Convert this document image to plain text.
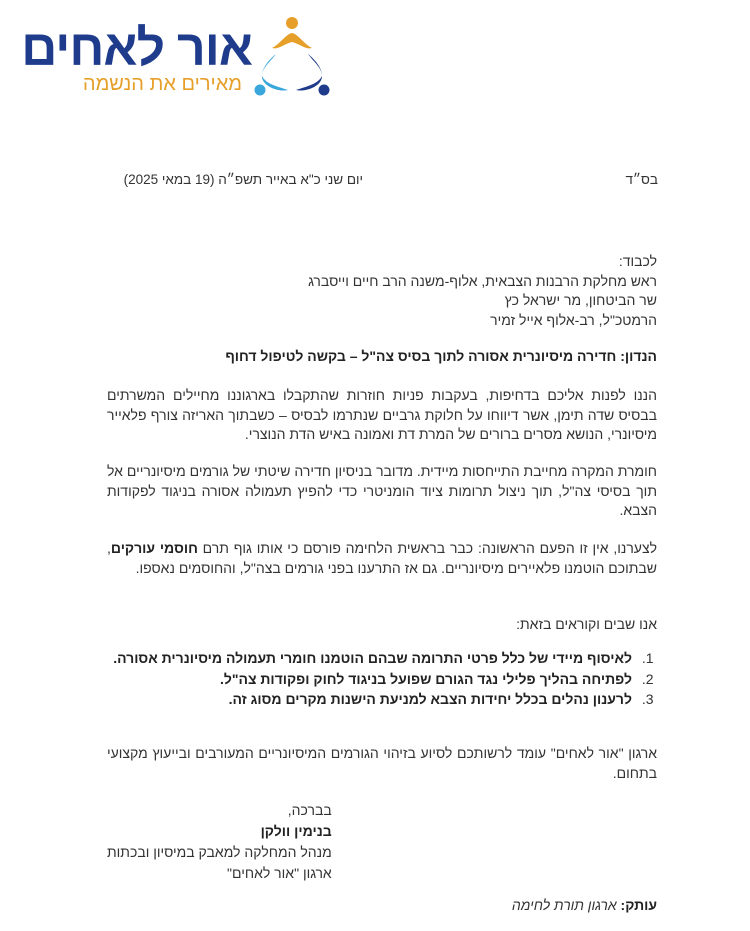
אור לאחים
מאירים את הנשמה
בס״ד
יום שני כ"א באייר תשפ״ה (19 במאי 2025)
לכבוד:
ראש מחלקת הרבנות הצבאית, אלוף-משנה הרב חיים וייסברג
שר הביטחון, מר ישראל כץ
הרמטכ"ל, רב-אלוף אייל זמיר
הנדון: חדירה מיסיונרית אסורה לתוך בסיס צה"ל – בקשה לטיפול דחוף
הננו לפנות אליכם בדחיפות, בעקבות פניות חוזרות שהתקבלו בארגוננו מחיילים המשרתים בבסיס שדה תימן, אשר דיווחו על חלוקת גרביים שנתרמו לבסיס – כשבתוך האריזה צורף פלאייר מיסיונרי, הנושא מסרים ברורים של המרת דת ואמונה באיש הדת הנוצרי.
חומרת המקרה מחייבת התייחסות מיידית. מדובר בניסיון חדירה שיטתי של גורמים מיסיונריים אל תוך בסיסי צה"ל, תוך ניצול תרומות ציוד הומניטרי כדי להפיץ תעמולה אסורה בניגוד לפקודות הצבא.
לצערנו, אין זו הפעם הראשונה: כבר בראשית הלחימה פורסם כי אותו גוף תרם חוסמי עורקים, שבתוכם הוטמנו פלאיירים מיסיונריים. גם אז התרענו בפני גורמים בצה"ל, והחוסמים נאספו.
אנו שבים וקוראים בזאת:
1. לאיסוף מיידי של כלל פרטי התרומה שבהם הוטמנו חומרי תעמולה מיסיונרית אסורה.
2. לפתיחה בהליך פלילי נגד הגורם שפועל בניגוד לחוק ופקודות צה"ל.
3. לרענון נהלים בכלל יחידות הצבא למניעת הישנות מקרים מסוג זה.
ארגון "אור לאחים" עומד לרשותכם לסיוע בזיהוי הגורמים המיסיונריים המעורבים ובייעוץ מקצועי בתחום.
בברכה,
בנימין וולקן
מנהל המחלקה למאבק במיסיון ובכתות
ארגון "אור לאחים"
עותק: ארגון תורת לחימה
